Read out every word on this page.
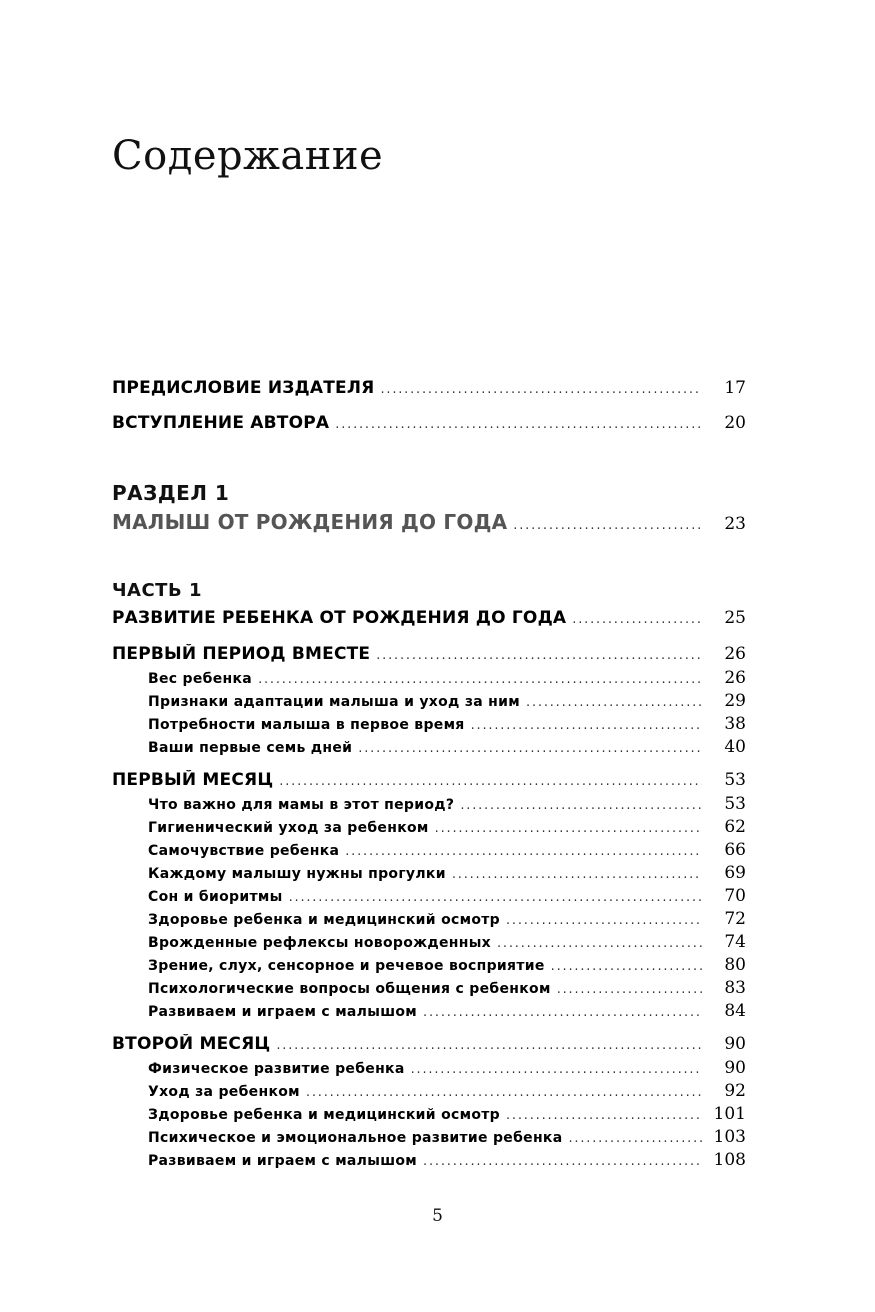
Содержание
ПРЕДИСЛОВИЕ ИЗДАТЕЛЯ .....	17
ВСТУПЛЕНИЕ АВТОРА .....	20
РАЗДЕЛ 1
МАЛЫШ ОТ РОЖДЕНИЯ ДО ГОДА .....	23
ЧАСТЬ 1
РАЗВИТИЕ РЕБЕНКА ОТ РОЖДЕНИЯ ДО ГОДА .....	25
ПЕРВЫЙ ПЕРИОД ВМЕСТЕ .....	26
Вес ребенка .....	26
Признаки адаптации малыша и уход за ним .....	29
Потребности малыша в первое время .....	38
Ваши первые семь дней .....	40
ПЕРВЫЙ МЕСЯЦ .....	53
Что важно для мамы в этот период? .....	53
Гигиенический уход за ребенком .....	62
Самочувствие ребенка .....	66
Каждому малышу нужны прогулки .....	69
Сон и биоритмы .....	70
Здоровье ребенка и медицинский осмотр .....	72
Врожденные рефлексы новорожденных .....	74
Зрение, слух, сенсорное и речевое восприятие .....	80
Психологические вопросы общения с ребенком .....	83
Развиваем и играем с малышом .....	84
ВТОРОЙ МЕСЯЦ .....	90
Физическое развитие ребенка .....	90
Уход за ребенком .....	92
Здоровье ребенка и медицинский осмотр .....	101
Психическое и эмоциональное развитие ребенка .....	103
Развиваем и играем с малышом .....	108
5
